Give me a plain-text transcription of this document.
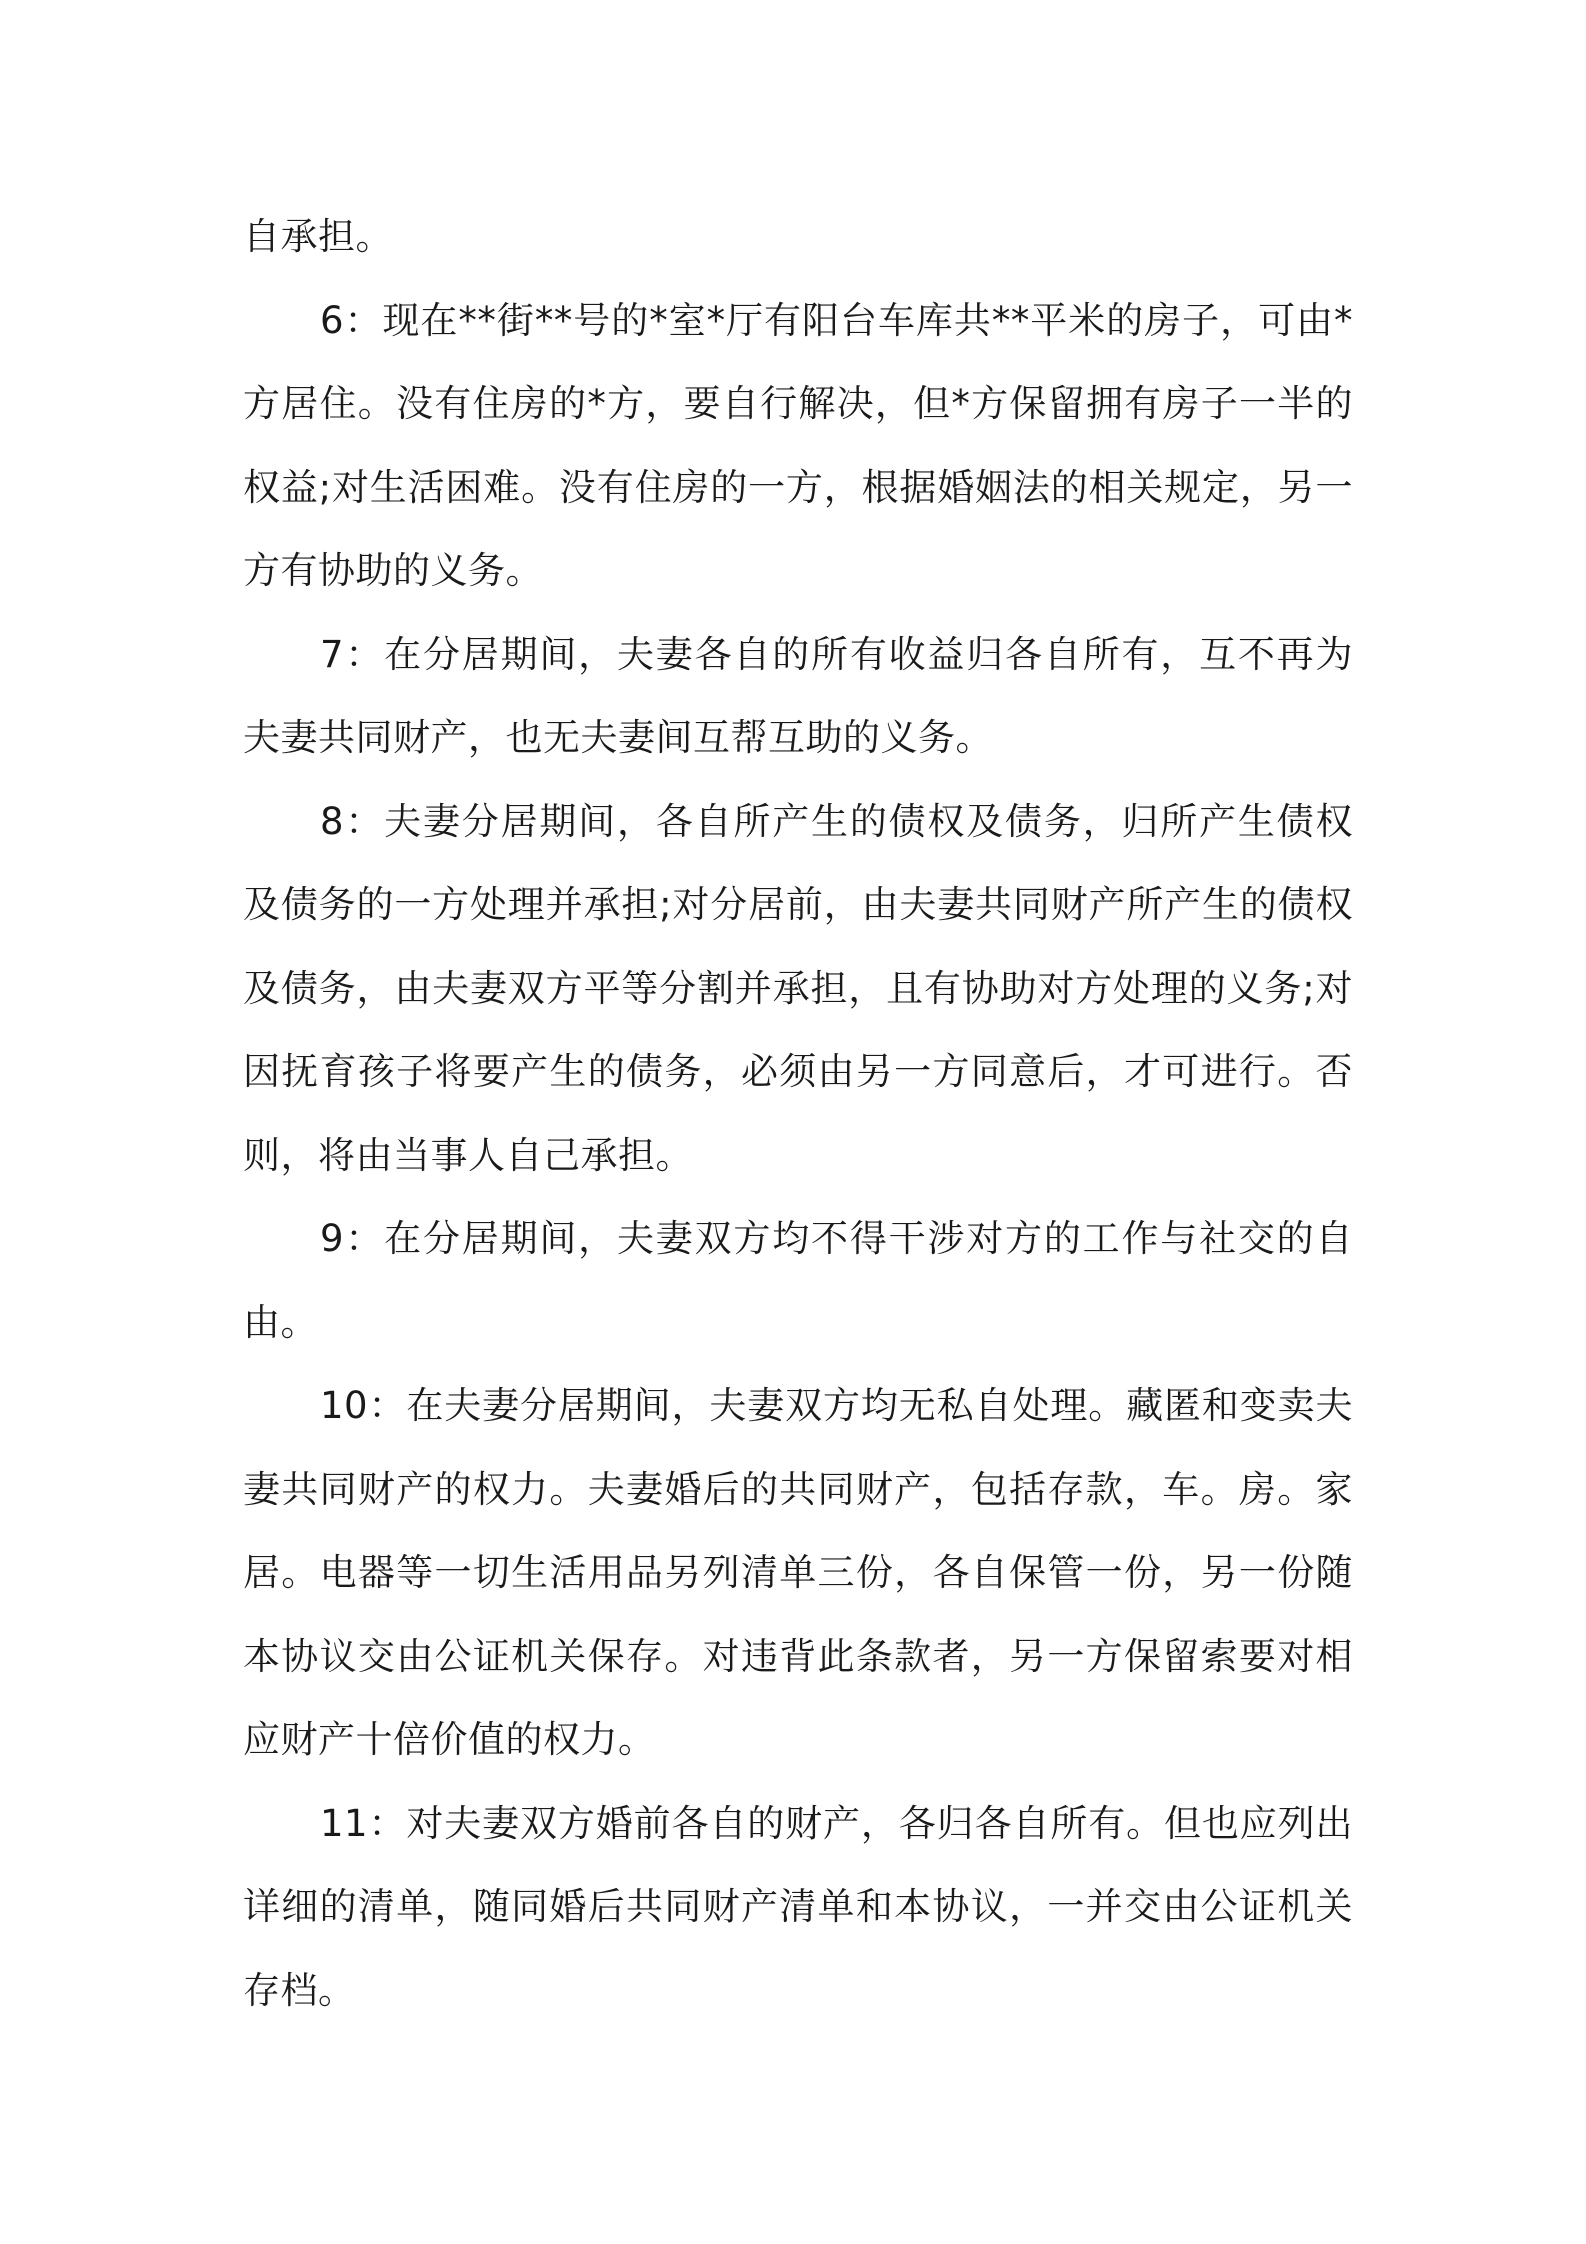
自承担。

6：现在**街**号的*室*厅有阳台车库共**平米的房子，可由*方居住。没有住房的*方，要自行解决，但*方保留拥有房子一半的权益;对生活困难。没有住房的一方，根据婚姻法的相关规定，另一方有协助的义务。

7：在分居期间，夫妻各自的所有收益归各自所有，互不再为夫妻共同财产，也无夫妻间互帮互助的义务。

8：夫妻分居期间，各自所产生的债权及债务，归所产生债权及债务的一方处理并承担;对分居前，由夫妻共同财产所产生的债权及债务，由夫妻双方平等分割并承担，且有协助对方处理的义务;对因抚育孩子将要产生的债务，必须由另一方同意后，才可进行。否则，将由当事人自己承担。

9：在分居期间，夫妻双方均不得干涉对方的工作与社交的自由。

10：在夫妻分居期间，夫妻双方均无私自处理。藏匿和变卖夫妻共同财产的权力。夫妻婚后的共同财产，包括存款，车。房。家居。电器等一切生活用品另列清单三份，各自保管一份，另一份随本协议交由公证机关保存。对违背此条款者，另一方保留索要对相应财产十倍价值的权力。

11：对夫妻双方婚前各自的财产，各归各自所有。但也应列出详细的清单，随同婚后共同财产清单和本协议，一并交由公证机关存档。
